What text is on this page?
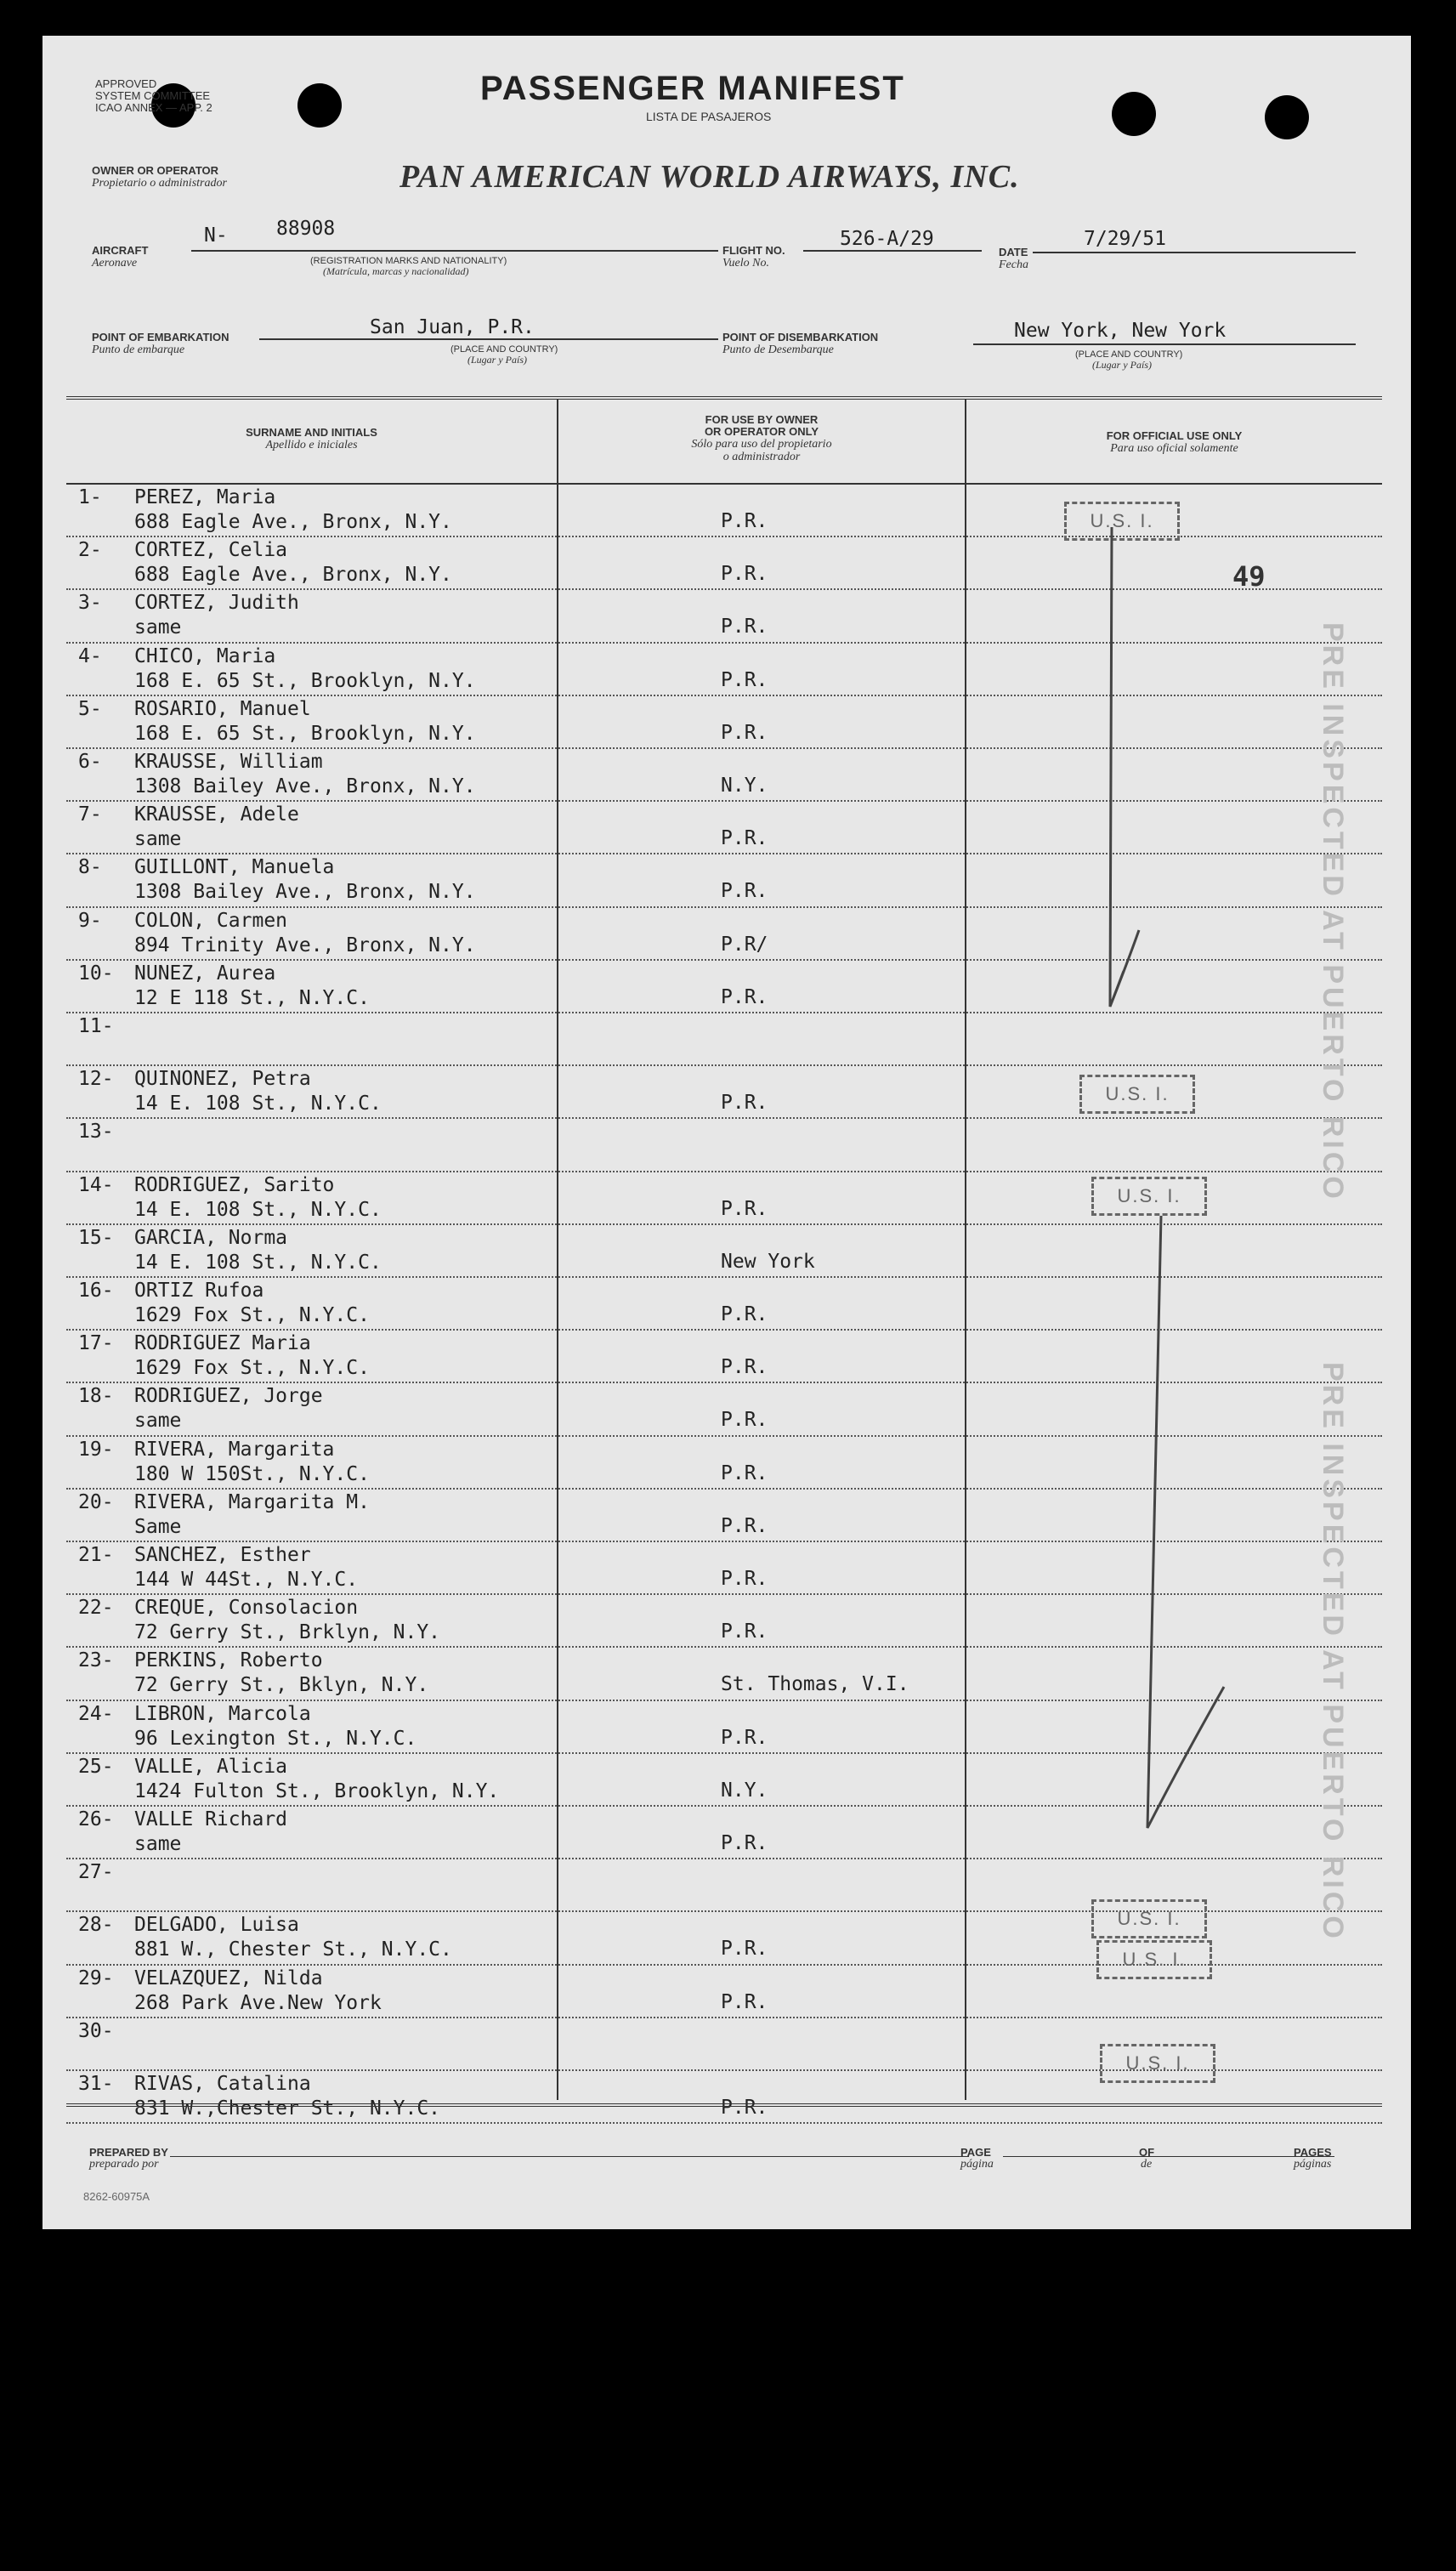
APPROVED
SYSTEM COMMITTEE
ICAO ANNEX — APP. 2
PASSENGER MANIFEST
LISTA DE PASAJEROS
OWNER OR OPERATOR
Propietario o administrador	PAN AMERICAN WORLD AIRWAYS, INC.
AIRCRAFT
Aeronave
N- 88908
(REGISTRATION MARKS AND NATIONALITY)
(Matrícula, marcas y nacionalidad)
FLIGHT NO.
Vuelo No.
526-A/29
DATE
Fecha
7/29/51
POINT OF EMBARKATION
Punto de embarque
San Juan, P.R.
(PLACE AND COUNTRY)
(Lugar y País)
POINT OF DISEMBARKATION
Punto de Desembarque
New York, New York
(PLACE AND COUNTRY)
(Lugar y País)
SURNAME AND INITIALS
Apellido e iniciales
FOR USE BY OWNER
OR OPERATOR ONLY
Sólo para uso del propietario
o administrador
FOR OFFICIAL USE ONLY
Para uso oficial solamente
1- PEREZ, Maria
688 Eagle Ave., Bronx, N.Y.	P.R.
2- CORTEZ, Celia
688 Eagle Ave., Bronx, N.Y.	P.R.
3- CORTEZ, Judith
same	P.R.
4- CHICO, Maria
168 E. 65 St., Brooklyn, N.Y.	P.R.
5- ROSARIO, Manuel
168 E. 65 St., Brooklyn, N.Y.	P.R.
6- KRAUSSE, William
1308 Bailey Ave., Bronx, N.Y.	N.Y.
7- KRAUSSE, Adele
same	P.R.
8- GUILLONT, Manuela
1308 Bailey Ave., Bronx, N.Y.	P.R.
9- COLON, Carmen
894 Trinity Ave., Bronx, N.Y.	P.R/
10- NUNEZ, Aurea
12 E 118 St., N.Y.C.	P.R.
11-
12- QUINONEZ, Petra
14 E. 108 St., N.Y.C.	P.R.
13-
14- RODRIGUEZ, Sarito
14 E. 108 St., N.Y.C.	P.R.
15- GARCIA, Norma
14 E. 108 St., N.Y.C.	New York
16- ORTIZ Rufoa
1629 Fox St., N.Y.C.	P.R.
17- RODRIGUEZ Maria
1629 Fox St., N.Y.C.	P.R.
18- RODRIGUEZ, Jorge
same	P.R.
19- RIVERA, Margarita
180 W 150St., N.Y.C.	P.R.
20- RIVERA, Margarita M.
Same	P.R.
21- SANCHEZ, Esther
144 W 44St., N.Y.C.	P.R.
22- CREQUE, Consolacion
72 Gerry St., Brklyn, N.Y.	P.R.
23- PERKINS, Roberto
72 Gerry St., Bklyn, N.Y.	St. Thomas, V.I.
24- LIBRON, Marcola
96 Lexington St., N.Y.C.	P.R.
25- VALLE, Alicia
1424 Fulton St., Brooklyn, N.Y.	N.Y.
26- VALLE Richard
same	P.R.
27-
28- DELGADO, Luisa
881 W., Chester St., N.Y.C.	P.R.
29- VELAZQUEZ, Nilda
268 Park Ave.New York	P.R.
30-
31- RIVAS, Catalina
831 W.,Chester St., N.Y.C.	P.R.
49
U.S. I.
U.S. I.
U.S. I.
U.S. I.
U.S. I.
U.S. I.
PRE INSPECTED AT PUERTO RICO
PRE INSPECTED AT PUERTO RICO
PREPARED BY
preparado por
PAGE
página
OF
de
PAGES
páginas
8262-60975A
